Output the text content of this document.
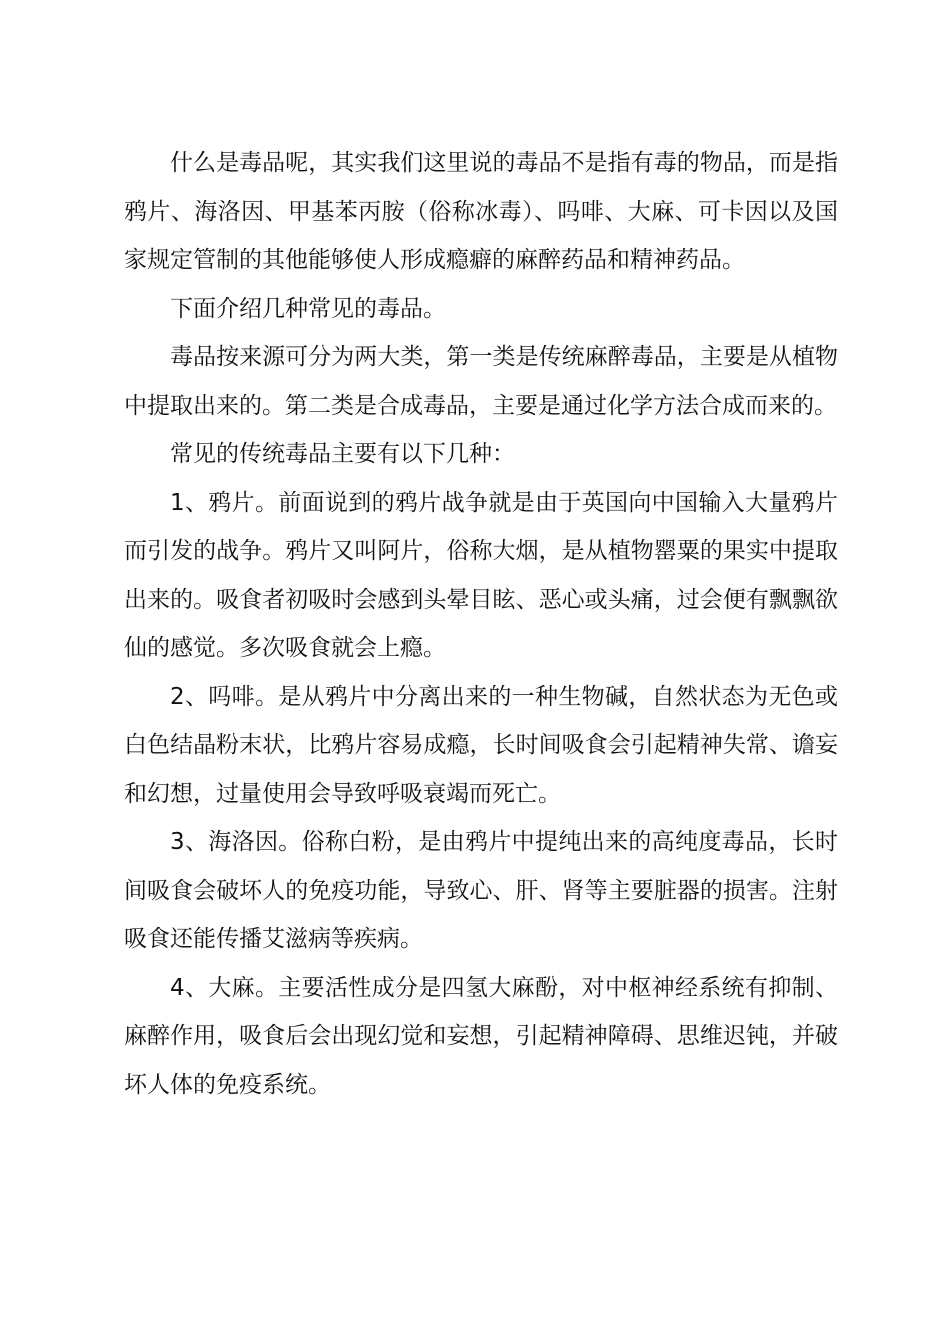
什么是毒品呢，其实我们这里说的毒品不是指有毒的物品，而是指鸦片、海洛因、甲基苯丙胺（俗称冰毒）、吗啡、大麻、可卡因以及国家规定管制的其他能够使人形成瘾癖的麻醉药品和精神药品。

下面介绍几种常见的毒品。

毒品按来源可分为两大类，第一类是传统麻醉毒品，主要是从植物中提取出来的。第二类是合成毒品，主要是通过化学方法合成而来的。

常见的传统毒品主要有以下几种：

1、鸦片。前面说到的鸦片战争就是由于英国向中国输入大量鸦片而引发的战争。鸦片又叫阿片，俗称大烟，是从植物罂粟的果实中提取出来的。吸食者初吸时会感到头晕目眩、恶心或头痛，过会便有飘飘欲仙的感觉。多次吸食就会上瘾。

2、吗啡。是从鸦片中分离出来的一种生物碱，自然状态为无色或白色结晶粉末状，比鸦片容易成瘾，长时间吸食会引起精神失常、谵妄和幻想，过量使用会导致呼吸衰竭而死亡。

3、海洛因。俗称白粉，是由鸦片中提纯出来的高纯度毒品，长时间吸食会破坏人的免疫功能，导致心、肝、肾等主要脏器的损害。注射吸食还能传播艾滋病等疾病。

4、大麻。主要活性成分是四氢大麻酚，对中枢神经系统有抑制、麻醉作用，吸食后会出现幻觉和妄想，引起精神障碍、思维迟钝，并破坏人体的免疫系统。
